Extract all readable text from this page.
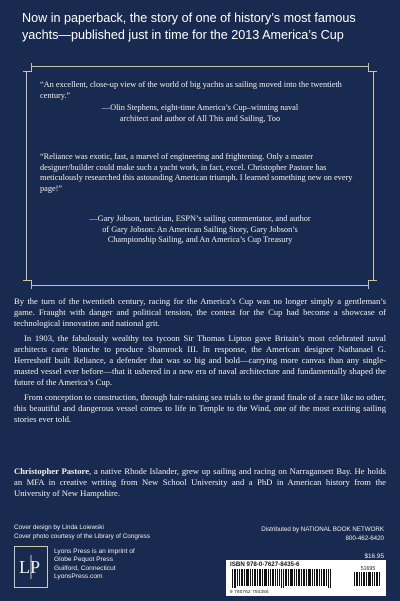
Now in paperback, the story of one of history’s most famous yachts—published just in time for the 2013 America’s Cup
“An excellent, close-up view of the world of big yachts as sailing moved into the twentieth century.”
—Olin Stephens, eight-time America’s Cup–winning naval
architect and author of All This and Sailing, Too
“Reliance was exotic, fast, a marvel of engineering and frightening. Only a master designer/builder could make such a yacht work, in fact, excel. Christopher Pastore has meticulously researched this astounding American triumph. I learned something new on every page!”
—Gary Jobson, tactician, ESPN’s sailing commentator, and author
of Gary Jobson: An American Sailing Story, Gary Jobson’s
Championship Sailing, and An America’s Cup Treasury

By the turn of the twentieth century, racing for the America’s Cup was no longer simply a gentleman’s game. Fraught with danger and political tension, the contest for the Cup had become a showcase of technological innovation and national grit.

In 1903, the fabulously wealthy tea tycoon Sir Thomas Lipton gave Britain’s most celebrated naval architects carte blanche to produce Shamrock III. In response, the American designer Nathanael G. Herreshoff built Reliance, a defender that was so big and bold—carrying more canvas than any single-masted vessel ever before—that it ushered in a new era of naval architecture and fundamentally shaped the future of the America’s Cup.

From conception to construction, through hair-raising sea trials to the grand finale of a race like no other, this beautiful and dangerous vessel comes to life in Temple to the Wind, one of the most exciting sailing stories ever told.

Christopher Pastore, a native Rhode Islander, grew up sailing and racing on Narragansett Bay. He holds an MFA in creative writing from New School University and a PhD in American history from the University of New Hampshire.
Cover design by Linda Loiewski
Cover photo courtesy of the Library of Congress
Distributed by NATIONAL BOOK NETWORK
800-462-6420
$16.95
LP
Lyons Press is an imprint of
Globe Pequot Press
Guilford, Connecticut
LyonsPress.com
ISBN 978-0-7627-8435-6
51695
9 780762 784356
